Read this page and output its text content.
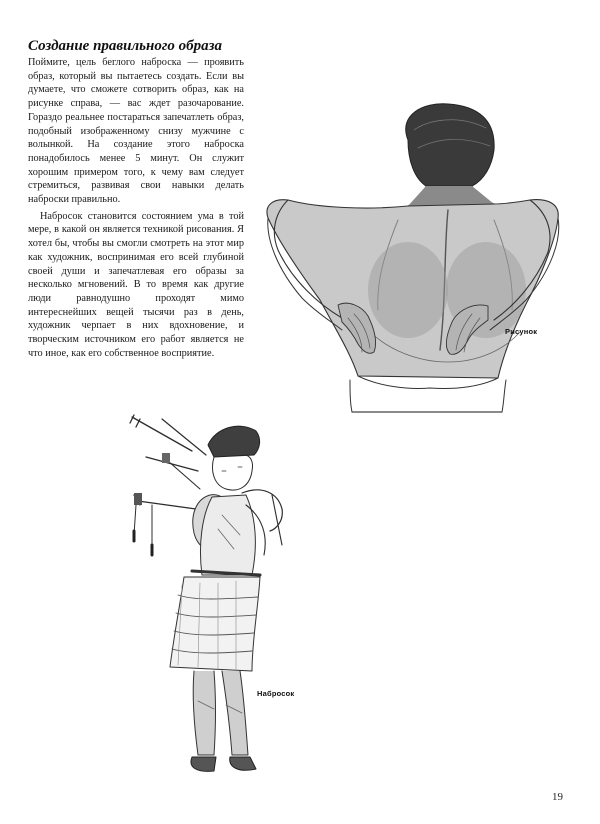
Создание правильного образа

Поймите, цель беглого наброска — проявить образ, который вы пытаетесь создать. Если вы думаете, что сможете сотворить образ, как на рисунке справа, — вас ждет разочарование. Гораздо реальнее постараться запечатлеть образ, подобный изображенному снизу мужчине с волынкой. На создание этого наброска понадобилось менее 5 минут. Он служит хорошим примером того, к чему вам следует стремиться, развивая свои навыки делать наброски правильно.

Набросок становится состоянием ума в той мере, в какой он является техникой рисования. Я хотел бы, чтобы вы смогли смотреть на этот мир как художник, воспринимая его всей глубиной своей души и запечатлевая его образы за несколько мгновений. В то время как другие люди равнодушно проходят мимо интереснейших вещей тысячи раз в день, художник черпает в них вдохновение, и творческим источником его работ является не что иное, как его собственное восприятие.

Рисунок
Набросок
19
